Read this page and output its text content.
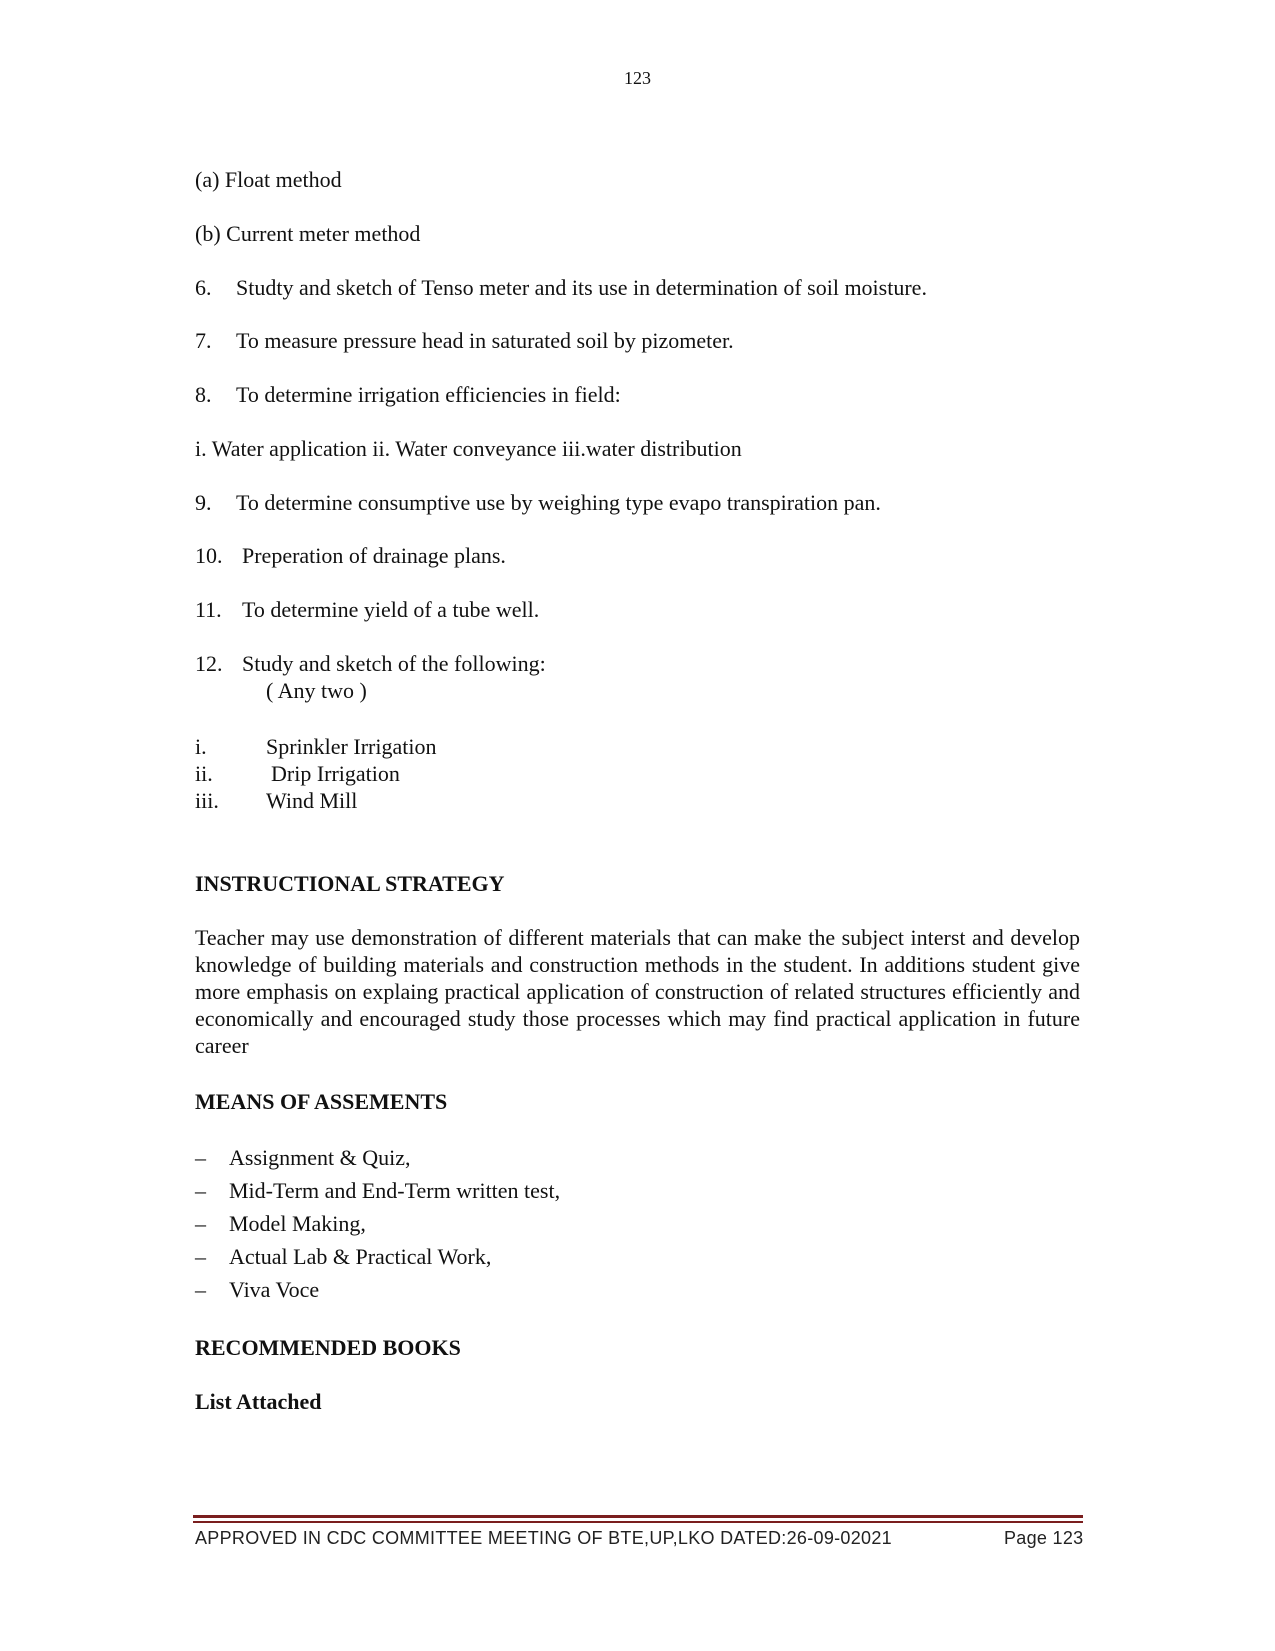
123

(a) Float method

(b) Current meter method

6. Studty and sketch of Tenso meter and its use in determination of soil moisture.

7. To measure pressure head in saturated soil by pizometer.

8. To determine irrigation efficiencies in field:

i. Water application ii. Water conveyance iii.water distribution

9. To determine consumptive use by weighing type evapo transpiration pan.

10. Preperation of drainage plans.

11. To determine yield of a tube well.

12. Study and sketch of the following:

( Any two )

i.	Sprinkler Irrigation

ii.	Drip Irrigation

iii. Wind Mill

INSTRUCTIONAL STRATEGY

Teacher may use demonstration of different materials that can make the subject interst and develop knowledge of building materials and construction methods in the student. In additions student give more emphasis on explaing practical application of construction of related structures efficiently and economically and encouraged study those processes which may find practical application in future career

MEANS OF ASSEMENTS
– Assignment & Quiz,
– Mid-Term and End-Term written test,
– Model Making,
– Actual Lab & Practical Work,
– Viva Voce
RECOMMENDED BOOKS
List Attached
APPROVED IN CDC COMMITTEE MEETING OF BTE,UP,LKO DATED:26-09-02021	Page 123
